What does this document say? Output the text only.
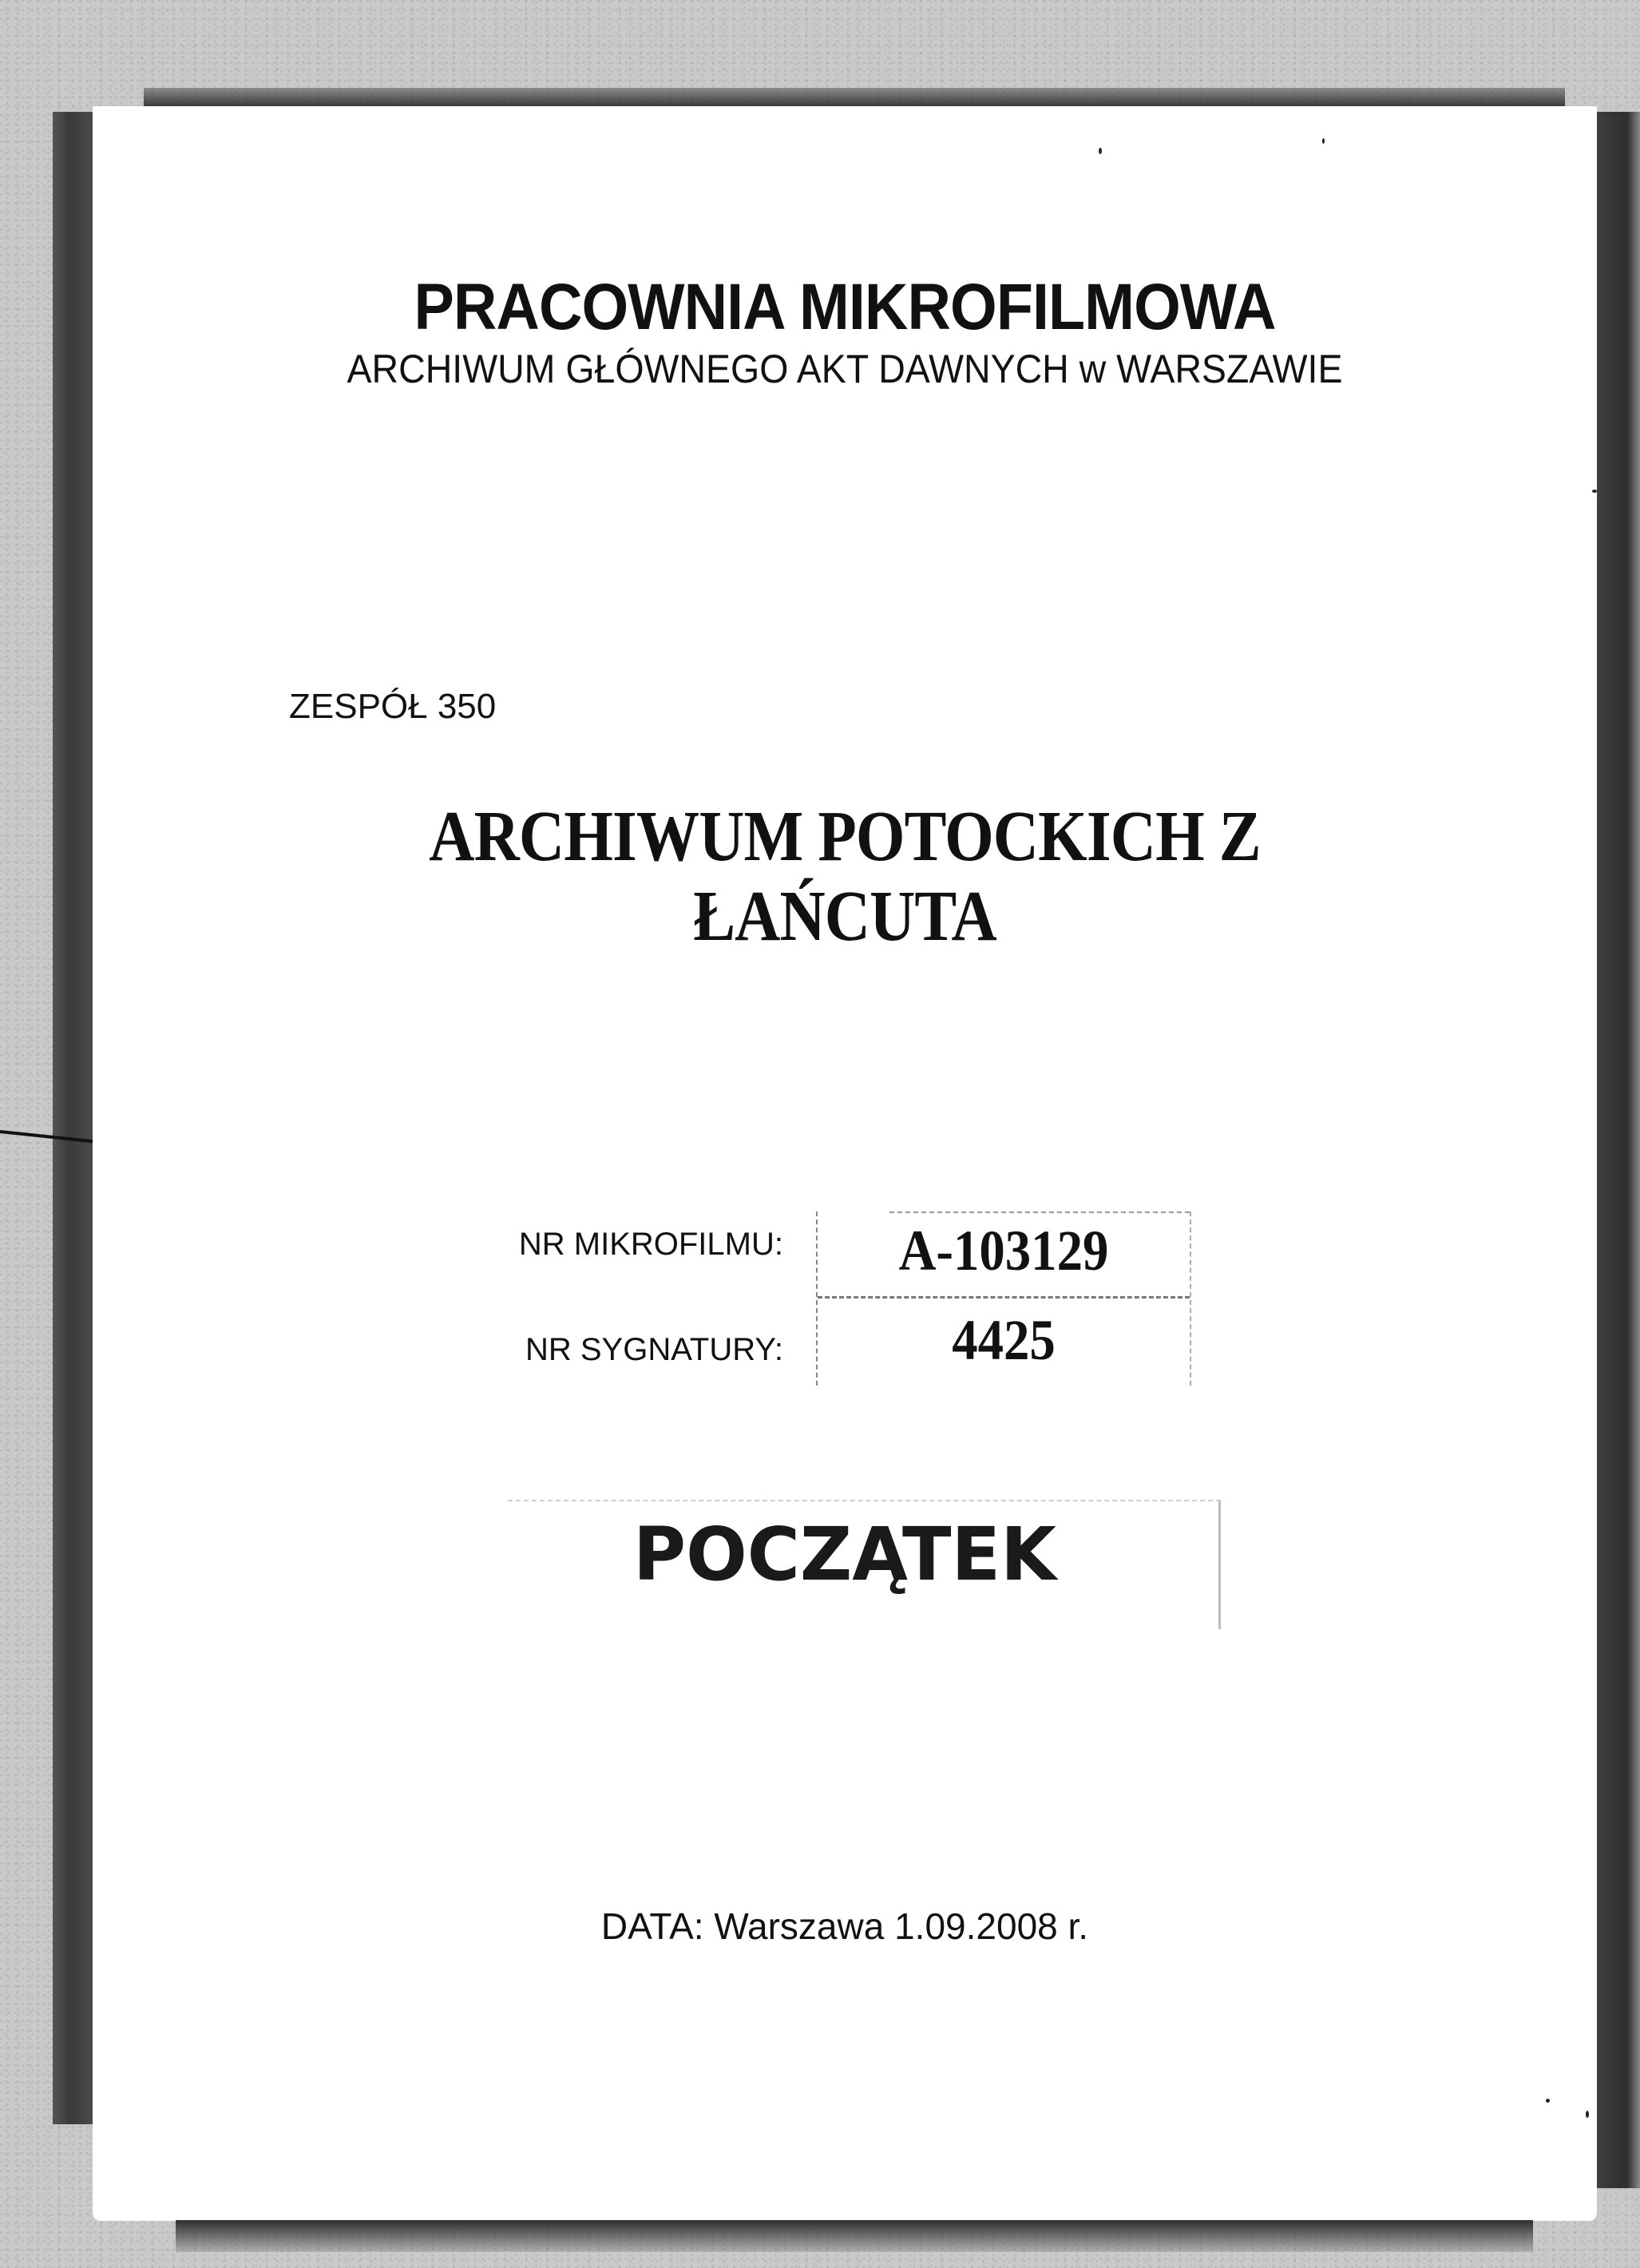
PRACOWNIA MIKROFILMOWA
ARCHIWUM GŁÓWNEGO AKT DAWNYCH w WARSZAWIE
ZESPÓŁ 350
ARCHIWUM POTOCKICH Z
ŁAŃCUTA
NR MIKROFILMU:
NR SYGNATURY:
A-103129
4425
POCZĄTEK
DATA: Warszawa 1.09.2008 r.
